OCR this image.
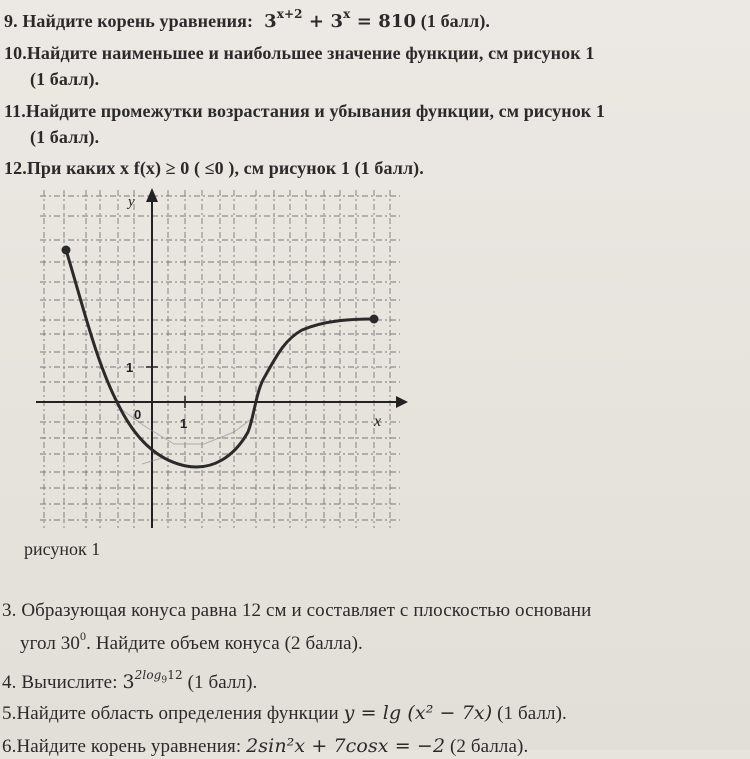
9. Найдите корень уравнения: $3^{x+2} + 3^x = 810$ (1 балл).
10.Найдите наименьшее и наибольшее значение функции, см рисунок 1
(1 балл).
11.Найдите промежутки возрастания и убывания функции, см рисунок 1
(1 балл).
12.При каких х f(x) ≥ 0 ( ≤0 ), см рисунок 1 (1 балл).
y
x
0
1
1
рисунок 1
3. Образующая конуса равна 12 см и составляет с плоскостью основани
угол $30^0$. Найдите объем конуса (2 балла).
4. Вычислите: $3^{2log_912}$ (1 балл).
5.Найдите область определения функции y = lg (x² − 7x) (1 балл).
6.Найдите корень уравнения: 2sin²x + 7cosx = −2 (2 балла).
